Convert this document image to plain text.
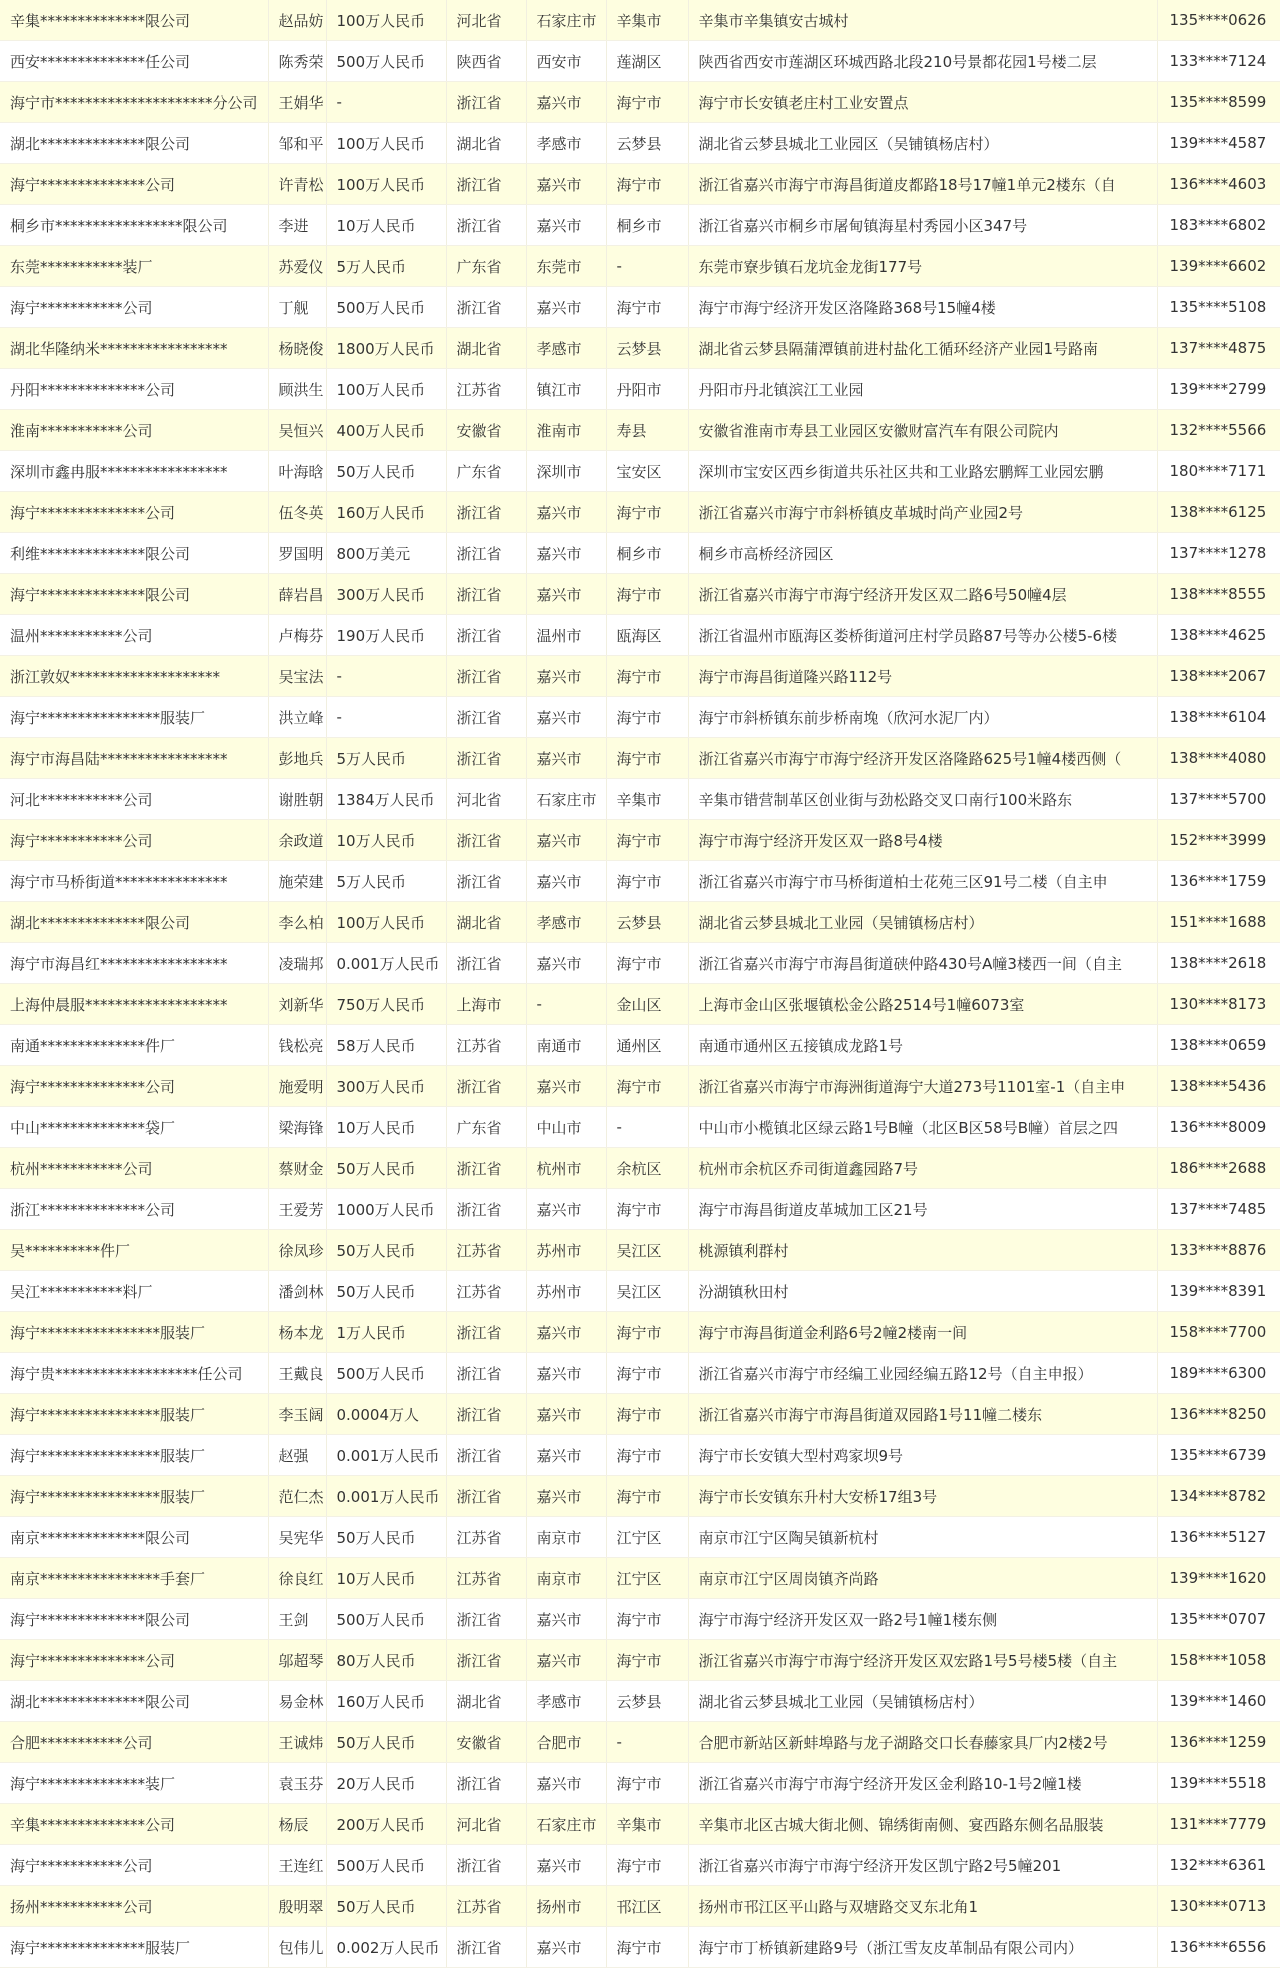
辛集**************限公司	赵品妨	100万人民币	河北省	石家庄市	辛集市	辛集市辛集镇安古城村	135****0626
西安**************任公司	陈秀荣	500万人民币	陕西省	西安市	莲湖区	陕西省西安市莲湖区环城西路北段210号景都花园1号楼二层	133****7124
海宁市*********************分公司	王娟华	-	浙江省	嘉兴市	海宁市	海宁市长安镇老庄村工业安置点	135****8599
湖北**************限公司	邹和平	100万人民币	湖北省	孝感市	云梦县	湖北省云梦县城北工业园区（吴铺镇杨店村）	139****4587
海宁**************公司	许青松	100万人民币	浙江省	嘉兴市	海宁市	浙江省嘉兴市海宁市海昌街道皮都路18号17幢1单元2楼东（自	136****4603
桐乡市*****************限公司	李进	10万人民币	浙江省	嘉兴市	桐乡市	浙江省嘉兴市桐乡市屠甸镇海星村秀园小区347号	183****6802
东莞***********装厂	苏爱仪	5万人民币	广东省	东莞市	-	东莞市寮步镇石龙坑金龙街177号	139****6602
海宁***********公司	丁舰	500万人民币	浙江省	嘉兴市	海宁市	海宁市海宁经济开发区洛隆路368号15幢4楼	135****5108
湖北华隆纳米*****************	杨晓俊	1800万人民币	湖北省	孝感市	云梦县	湖北省云梦县隔蒲潭镇前进村盐化工循环经济产业园1号路南	137****4875
丹阳**************公司	顾洪生	100万人民币	江苏省	镇江市	丹阳市	丹阳市丹北镇滨江工业园	139****2799
淮南***********公司	吴恒兴	400万人民币	安徽省	淮南市	寿县	安徽省淮南市寿县工业园区安徽财富汽车有限公司院内	132****5566
深圳市鑫冉服*****************	叶海晗	50万人民币	广东省	深圳市	宝安区	深圳市宝安区西乡街道共乐社区共和工业路宏鹏辉工业园宏鹏	180****7171
海宁**************公司	伍冬英	160万人民币	浙江省	嘉兴市	海宁市	浙江省嘉兴市海宁市斜桥镇皮革城时尚产业园2号	138****6125
利维**************限公司	罗国明	800万美元	浙江省	嘉兴市	桐乡市	桐乡市高桥经济园区	137****1278
海宁**************限公司	薛岩昌	300万人民币	浙江省	嘉兴市	海宁市	浙江省嘉兴市海宁市海宁经济开发区双二路6号50幢4层	138****8555
温州***********公司	卢梅芬	190万人民币	浙江省	温州市	瓯海区	浙江省温州市瓯海区娄桥街道河庄村学员路87号等办公楼5-6楼	138****4625
浙江敦奴********************	吴宝法	-	浙江省	嘉兴市	海宁市	海宁市海昌街道隆兴路112号	138****2067
海宁****************服装厂	洪立峰	-	浙江省	嘉兴市	海宁市	海宁市斜桥镇东前步桥南堍（欣河水泥厂内）	138****6104
海宁市海昌陆*****************	彭地兵	5万人民币	浙江省	嘉兴市	海宁市	浙江省嘉兴市海宁市海宁经济开发区洛隆路625号1幢4楼西侧（	138****4080
河北***********公司	谢胜朝	1384万人民币	河北省	石家庄市	辛集市	辛集市错营制革区创业街与劲松路交叉口南行100米路东	137****5700
海宁***********公司	余政道	10万人民币	浙江省	嘉兴市	海宁市	海宁市海宁经济开发区双一路8号4楼	152****3999
海宁市马桥街道***************	施荣建	5万人民币	浙江省	嘉兴市	海宁市	浙江省嘉兴市海宁市马桥街道柏士花苑三区91号二楼（自主申	136****1759
湖北**************限公司	李么柏	100万人民币	湖北省	孝感市	云梦县	湖北省云梦县城北工业园（吴铺镇杨店村）	151****1688
海宁市海昌红*****************	凌瑞邦	0.001万人民币	浙江省	嘉兴市	海宁市	浙江省嘉兴市海宁市海昌街道硖仲路430号A幢3楼西一间（自主	138****2618
上海仲晨服*******************	刘新华	750万人民币	上海市	-	金山区	上海市金山区张堰镇松金公路2514号1幢6073室	130****8173
南通**************件厂	钱松亮	58万人民币	江苏省	南通市	通州区	南通市通州区五接镇成龙路1号	138****0659
海宁**************公司	施爱明	300万人民币	浙江省	嘉兴市	海宁市	浙江省嘉兴市海宁市海洲街道海宁大道273号1101室-1（自主申	138****5436
中山**************袋厂	梁海锋	10万人民币	广东省	中山市	-	中山市小榄镇北区绿云路1号B幢（北区B区58号B幢）首层之四	136****8009
杭州***********公司	蔡财金	50万人民币	浙江省	杭州市	余杭区	杭州市余杭区乔司街道鑫园路7号	186****2688
浙江**************公司	王爱芳	1000万人民币	浙江省	嘉兴市	海宁市	海宁市海昌街道皮革城加工区21号	137****7485
吴**********件厂	徐凤珍	50万人民币	江苏省	苏州市	吴江区	桃源镇利群村	133****8876
吴江***********料厂	潘剑林	50万人民币	江苏省	苏州市	吴江区	汾湖镇秋田村	139****8391
海宁****************服装厂	杨本龙	1万人民币	浙江省	嘉兴市	海宁市	海宁市海昌街道金利路6号2幢2楼南一间	158****7700
海宁贵*******************任公司	王戴良	500万人民币	浙江省	嘉兴市	海宁市	浙江省嘉兴市海宁市经编工业园经编五路12号（自主申报）	189****6300
海宁****************服装厂	李玉阔	0.0004万人	浙江省	嘉兴市	海宁市	浙江省嘉兴市海宁市海昌街道双园路1号11幢二楼东	136****8250
海宁****************服装厂	赵强	0.001万人民币	浙江省	嘉兴市	海宁市	海宁市长安镇大型村鸡家坝9号	135****6739
海宁****************服装厂	范仁杰	0.001万人民币	浙江省	嘉兴市	海宁市	海宁市长安镇东升村大安桥17组3号	134****8782
南京**************限公司	吴宪华	50万人民币	江苏省	南京市	江宁区	南京市江宁区陶吴镇新杭村	136****5127
南京****************手套厂	徐良红	10万人民币	江苏省	南京市	江宁区	南京市江宁区周岗镇齐尚路	139****1620
海宁**************限公司	王剑	500万人民币	浙江省	嘉兴市	海宁市	海宁市海宁经济开发区双一路2号1幢1楼东侧	135****0707
海宁**************公司	邬超琴	80万人民币	浙江省	嘉兴市	海宁市	浙江省嘉兴市海宁市海宁经济开发区双宏路1号5号楼5楼（自主	158****1058
湖北**************限公司	易金林	160万人民币	湖北省	孝感市	云梦县	湖北省云梦县城北工业园（吴铺镇杨店村）	139****1460
合肥***********公司	王诚炜	50万人民币	安徽省	合肥市	-	合肥市新站区新蚌埠路与龙子湖路交口长春藤家具厂内2楼2号	136****1259
海宁**************装厂	袁玉芬	20万人民币	浙江省	嘉兴市	海宁市	浙江省嘉兴市海宁市海宁经济开发区金利路10-1号2幢1楼	139****5518
辛集**************公司	杨辰	200万人民币	河北省	石家庄市	辛集市	辛集市北区古城大街北侧、锦绣街南侧、宴西路东侧名品服装	131****7779
海宁***********公司	王连红	500万人民币	浙江省	嘉兴市	海宁市	浙江省嘉兴市海宁市海宁经济开发区凯宁路2号5幢201	132****6361
扬州***********公司	殷明翠	50万人民币	江苏省	扬州市	邗江区	扬州市邗江区平山路与双塘路交叉东北角1	130****0713
海宁**************服装厂	包伟儿	0.002万人民币	浙江省	嘉兴市	海宁市	海宁市丁桥镇新建路9号（浙江雪友皮革制品有限公司内）	136****6556
